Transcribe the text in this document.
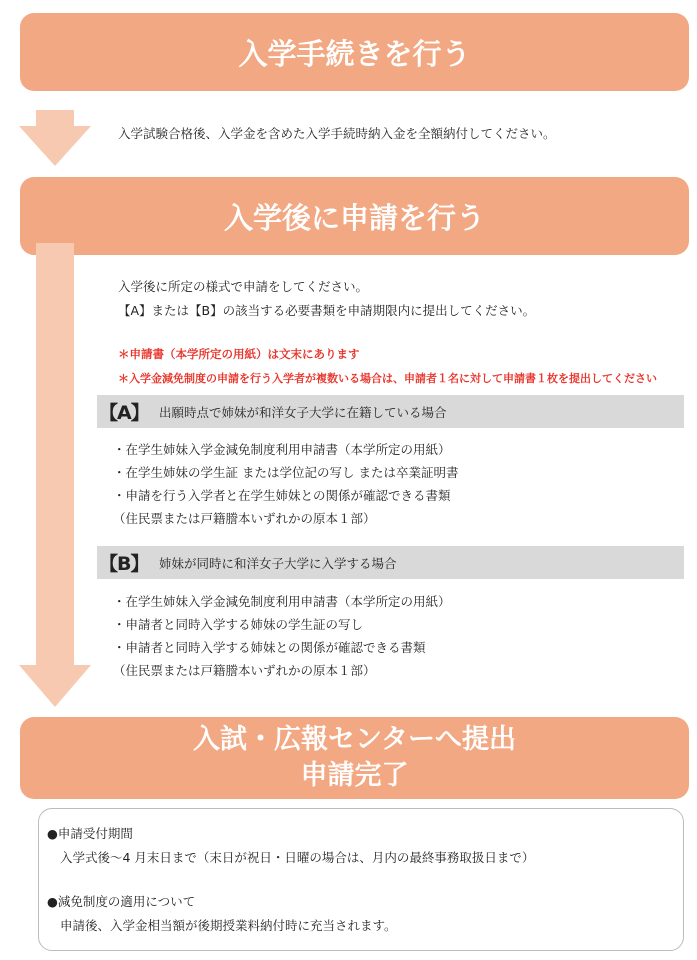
入学手続きを行う
入学試験合格後、入学金を含めた入学手続時納入金を全額納付してください。
入学後に申請を行う
入学後に所定の様式で申請をしてください。
【A】または【B】の該当する必要書類を申請期限内に提出してください。
＊申請書（本学所定の用紙）は文末にあります
＊入学金減免制度の申請を行う入学者が複数いる場合は、申請者１名に対して申請書１枚を提出してください
【A】 出願時点で姉妹が和洋女子大学に在籍している場合
・在学生姉妹入学金減免制度利用申請書（本学所定の用紙）
・在学生姉妹の学生証 または学位記の写し または卒業証明書
・申請を行う入学者と在学生姉妹との関係が確認できる書類
（住民票または戸籍謄本いずれかの原本１部）
【B】 姉妹が同時に和洋女子大学に入学する場合
・在学生姉妹入学金減免制度利用申請書（本学所定の用紙）
・申請者と同時入学する姉妹の学生証の写し
・申請者と同時入学する姉妹との関係が確認できる書類
（住民票または戸籍謄本いずれかの原本１部）
入試・広報センターへ提出
申請完了
●申請受付期間
入学式後～4 月末日まで（末日が祝日・日曜の場合は、月内の最終事務取扱日まで）
●減免制度の適用について
申請後、入学金相当額が後期授業料納付時に充当されます。
